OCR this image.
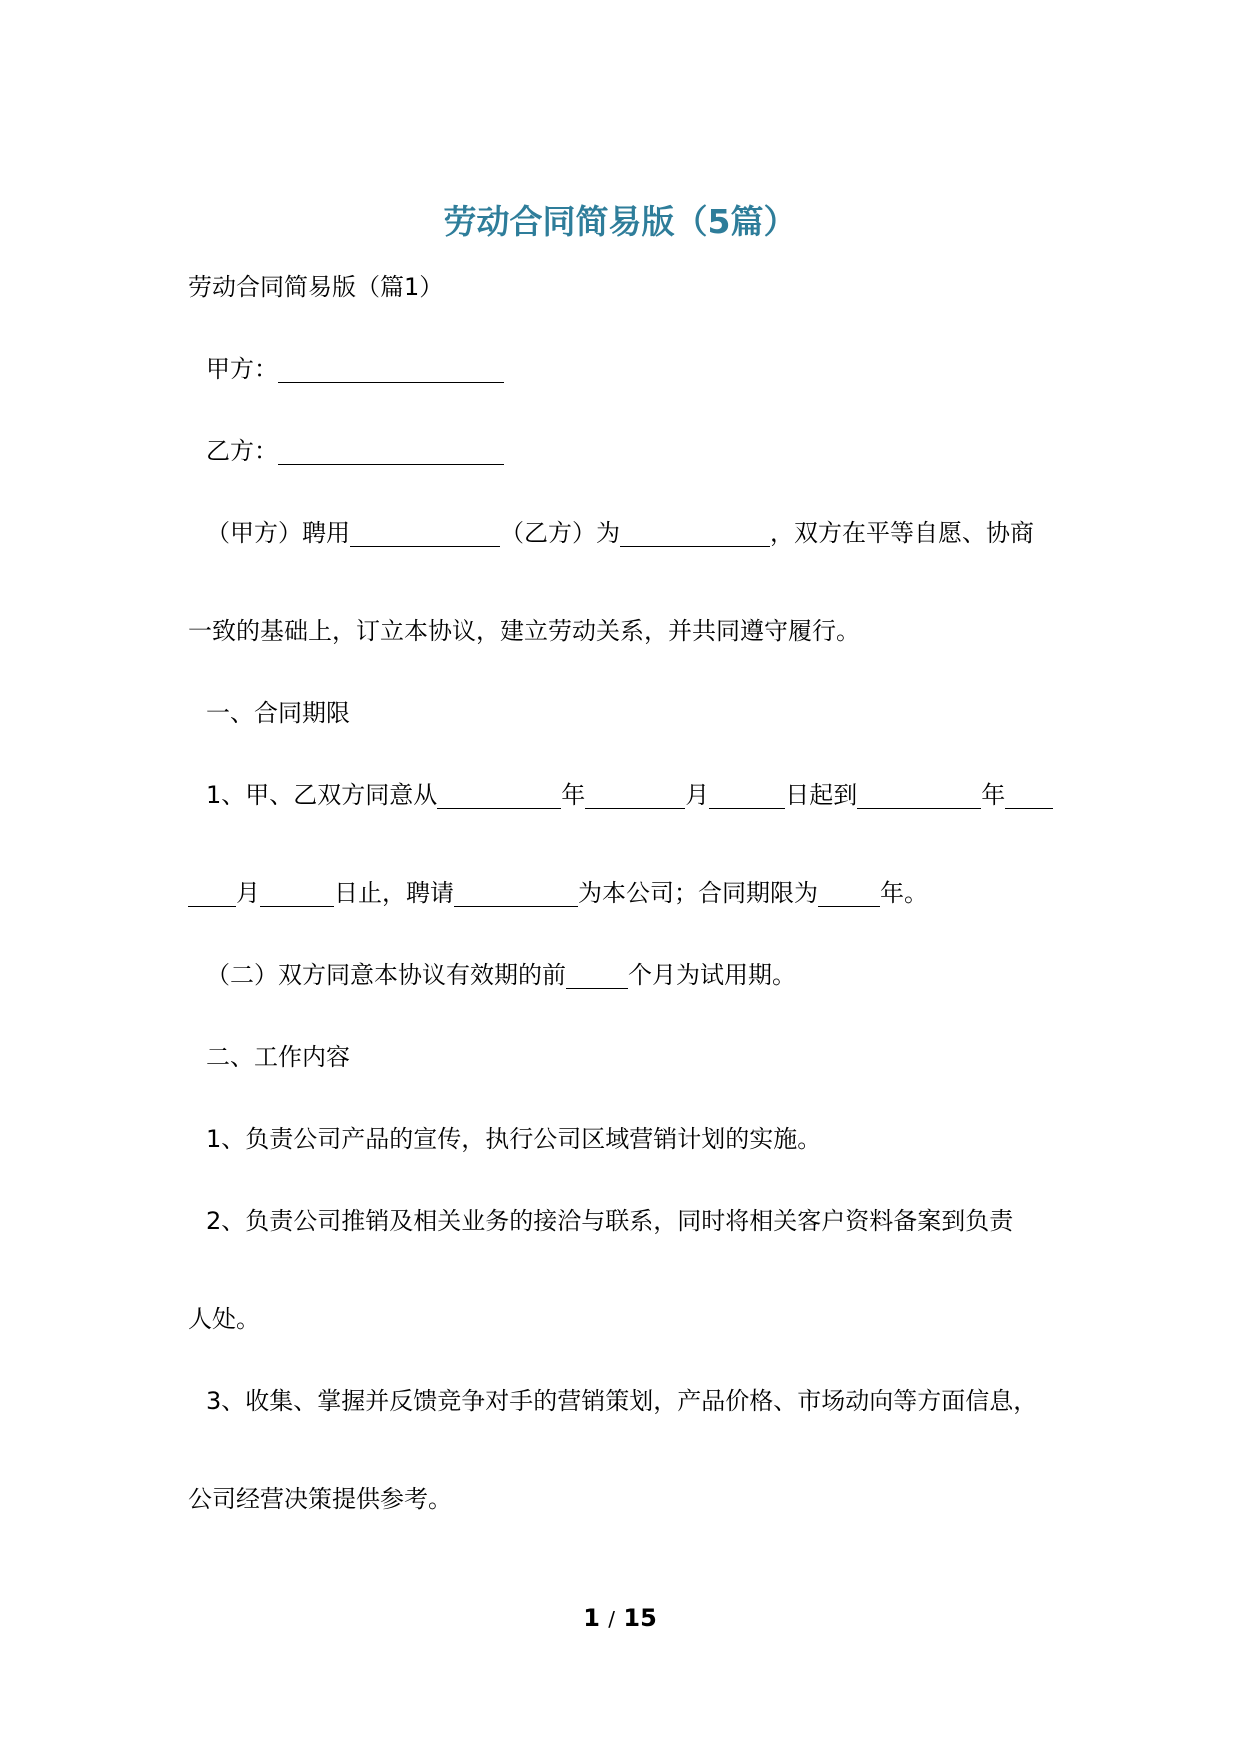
劳动合同简易版（5篇）
劳动合同简易版（篇1）
甲方：
乙方：
（甲方）聘用	（乙方）为	，双方在平等自愿、协商
一致的基础上，订立本协议，建立劳动关系，并共同遵守履行。
一、合同期限
1、甲、乙双方同意从	年	月	日起到	年
月	日止，聘请	为本公司；合同期限为	年。
（二）双方同意本协议有效期的前	个月为试用期。
二、工作内容
1、负责公司产品的宣传，执行公司区域营销计划的实施。
2、负责公司推销及相关业务的接洽与联系，同时将相关客户资料备案到负责
人处。
3、收集、掌握并反馈竞争对手的营销策划，产品价格、市场动向等方面信息，
公司经营决策提供参考。
1 / 15
